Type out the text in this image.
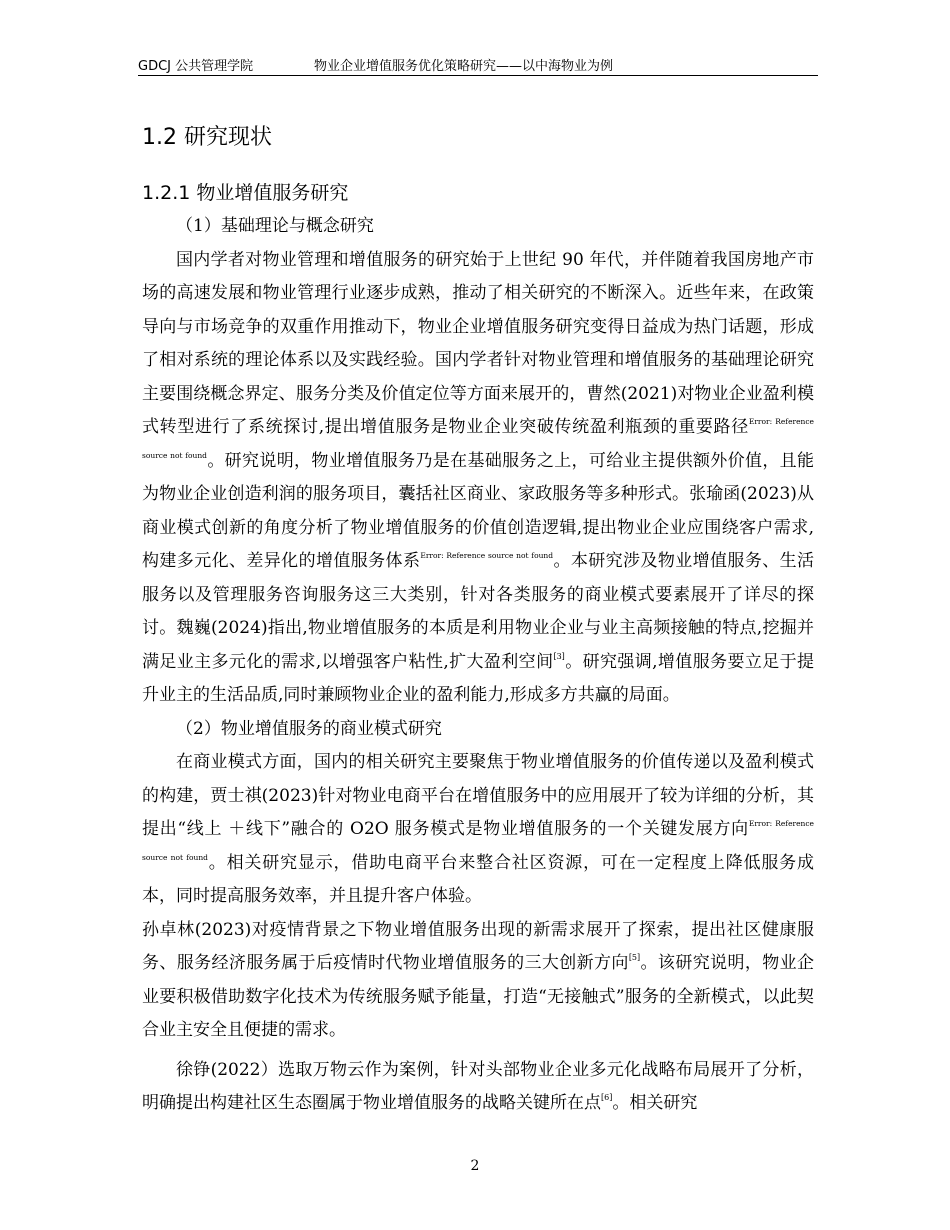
GDCJ 公共管理学院	物业企业增值服务优化策略研究——以中海物业为例
1.2 研究现状
1.2.1 物业增值服务研究

（1）基础理论与概念研究

国内学者对物业管理和增值服务的研究始于上世纪 90 年代，并伴随着我国房地产市场的高速发展和物业管理行业逐步成熟，推动了相关研究的不断深入。近些年来，在政策导向与市场竞争的双重作用推动下，物业企业增值服务研究变得日益成为热门话题，形成了相对系统的理论体系以及实践经验。国内学者针对物业管理和增值服务的基础理论研究主要围绕概念界定、服务分类及价值定位等方面来展开的，曹然(2021)对物业企业盈利模式转型进行了系统探讨,提出增值服务是物业企业突破传统盈利瓶颈的重要路径$^{Error: Reference source not found}$。研究说明，物业增值服务乃是在基础服务之上，可给业主提供额外价值，且能为物业企业创造利润的服务项目，囊括社区商业、家政服务等多种形式。张瑜函(2023)从商业模式创新的角度分析了物业增值服务的价值创造逻辑,提出物业企业应围绕客户需求,构建多元化、差异化的增值服务体系$^{Error: Reference source not found}$。本研究涉及物业增值服务、生活服务以及管理服务咨询服务这三大类别，针对各类服务的商业模式要素展开了详尽的探讨。魏巍(2024)指出,物业增值服务的本质是利用物业企业与业主高频接触的特点,挖掘并满足业主多元化的需求,以增强客户粘性,扩大盈利空间[3]。研究强调,增值服务要立足于提升业主的生活品质,同时兼顾物业企业的盈利能力,形成多方共赢的局面。

（2）物业增值服务的商业模式研究

在商业模式方面，国内的相关研究主要聚焦于物业增值服务的价值传递以及盈利模式的构建，贾士祺(2023)针对物业电商平台在增值服务中的应用展开了较为详细的分析，其提出“线上 ＋线下”融合的 O2O 服务模式是物业增值服务的一个关键发展方向$^{Error: Reference source not found}$。相关研究显示，借助电商平台来整合社区资源，可在一定程度上降低服务成本，同时提高服务效率，并且提升客户体验。

孙卓林(2023)对疫情背景之下物业增值服务出现的新需求展开了探索，提出社区健康服务、服务经济服务属于后疫情时代物业增值服务的三大创新方向[5]。该研究说明，物业企业要积极借助数字化技术为传统服务赋予能量，打造“无接触式”服务的全新模式，以此契合业主安全且便捷的需求。

徐铮(2022）选取万物云作为案例，针对头部物业企业多元化战略布局展开了分析，明确提出构建社区生态圈属于物业增值服务的战略关键所在点[6]。相关研究

2
